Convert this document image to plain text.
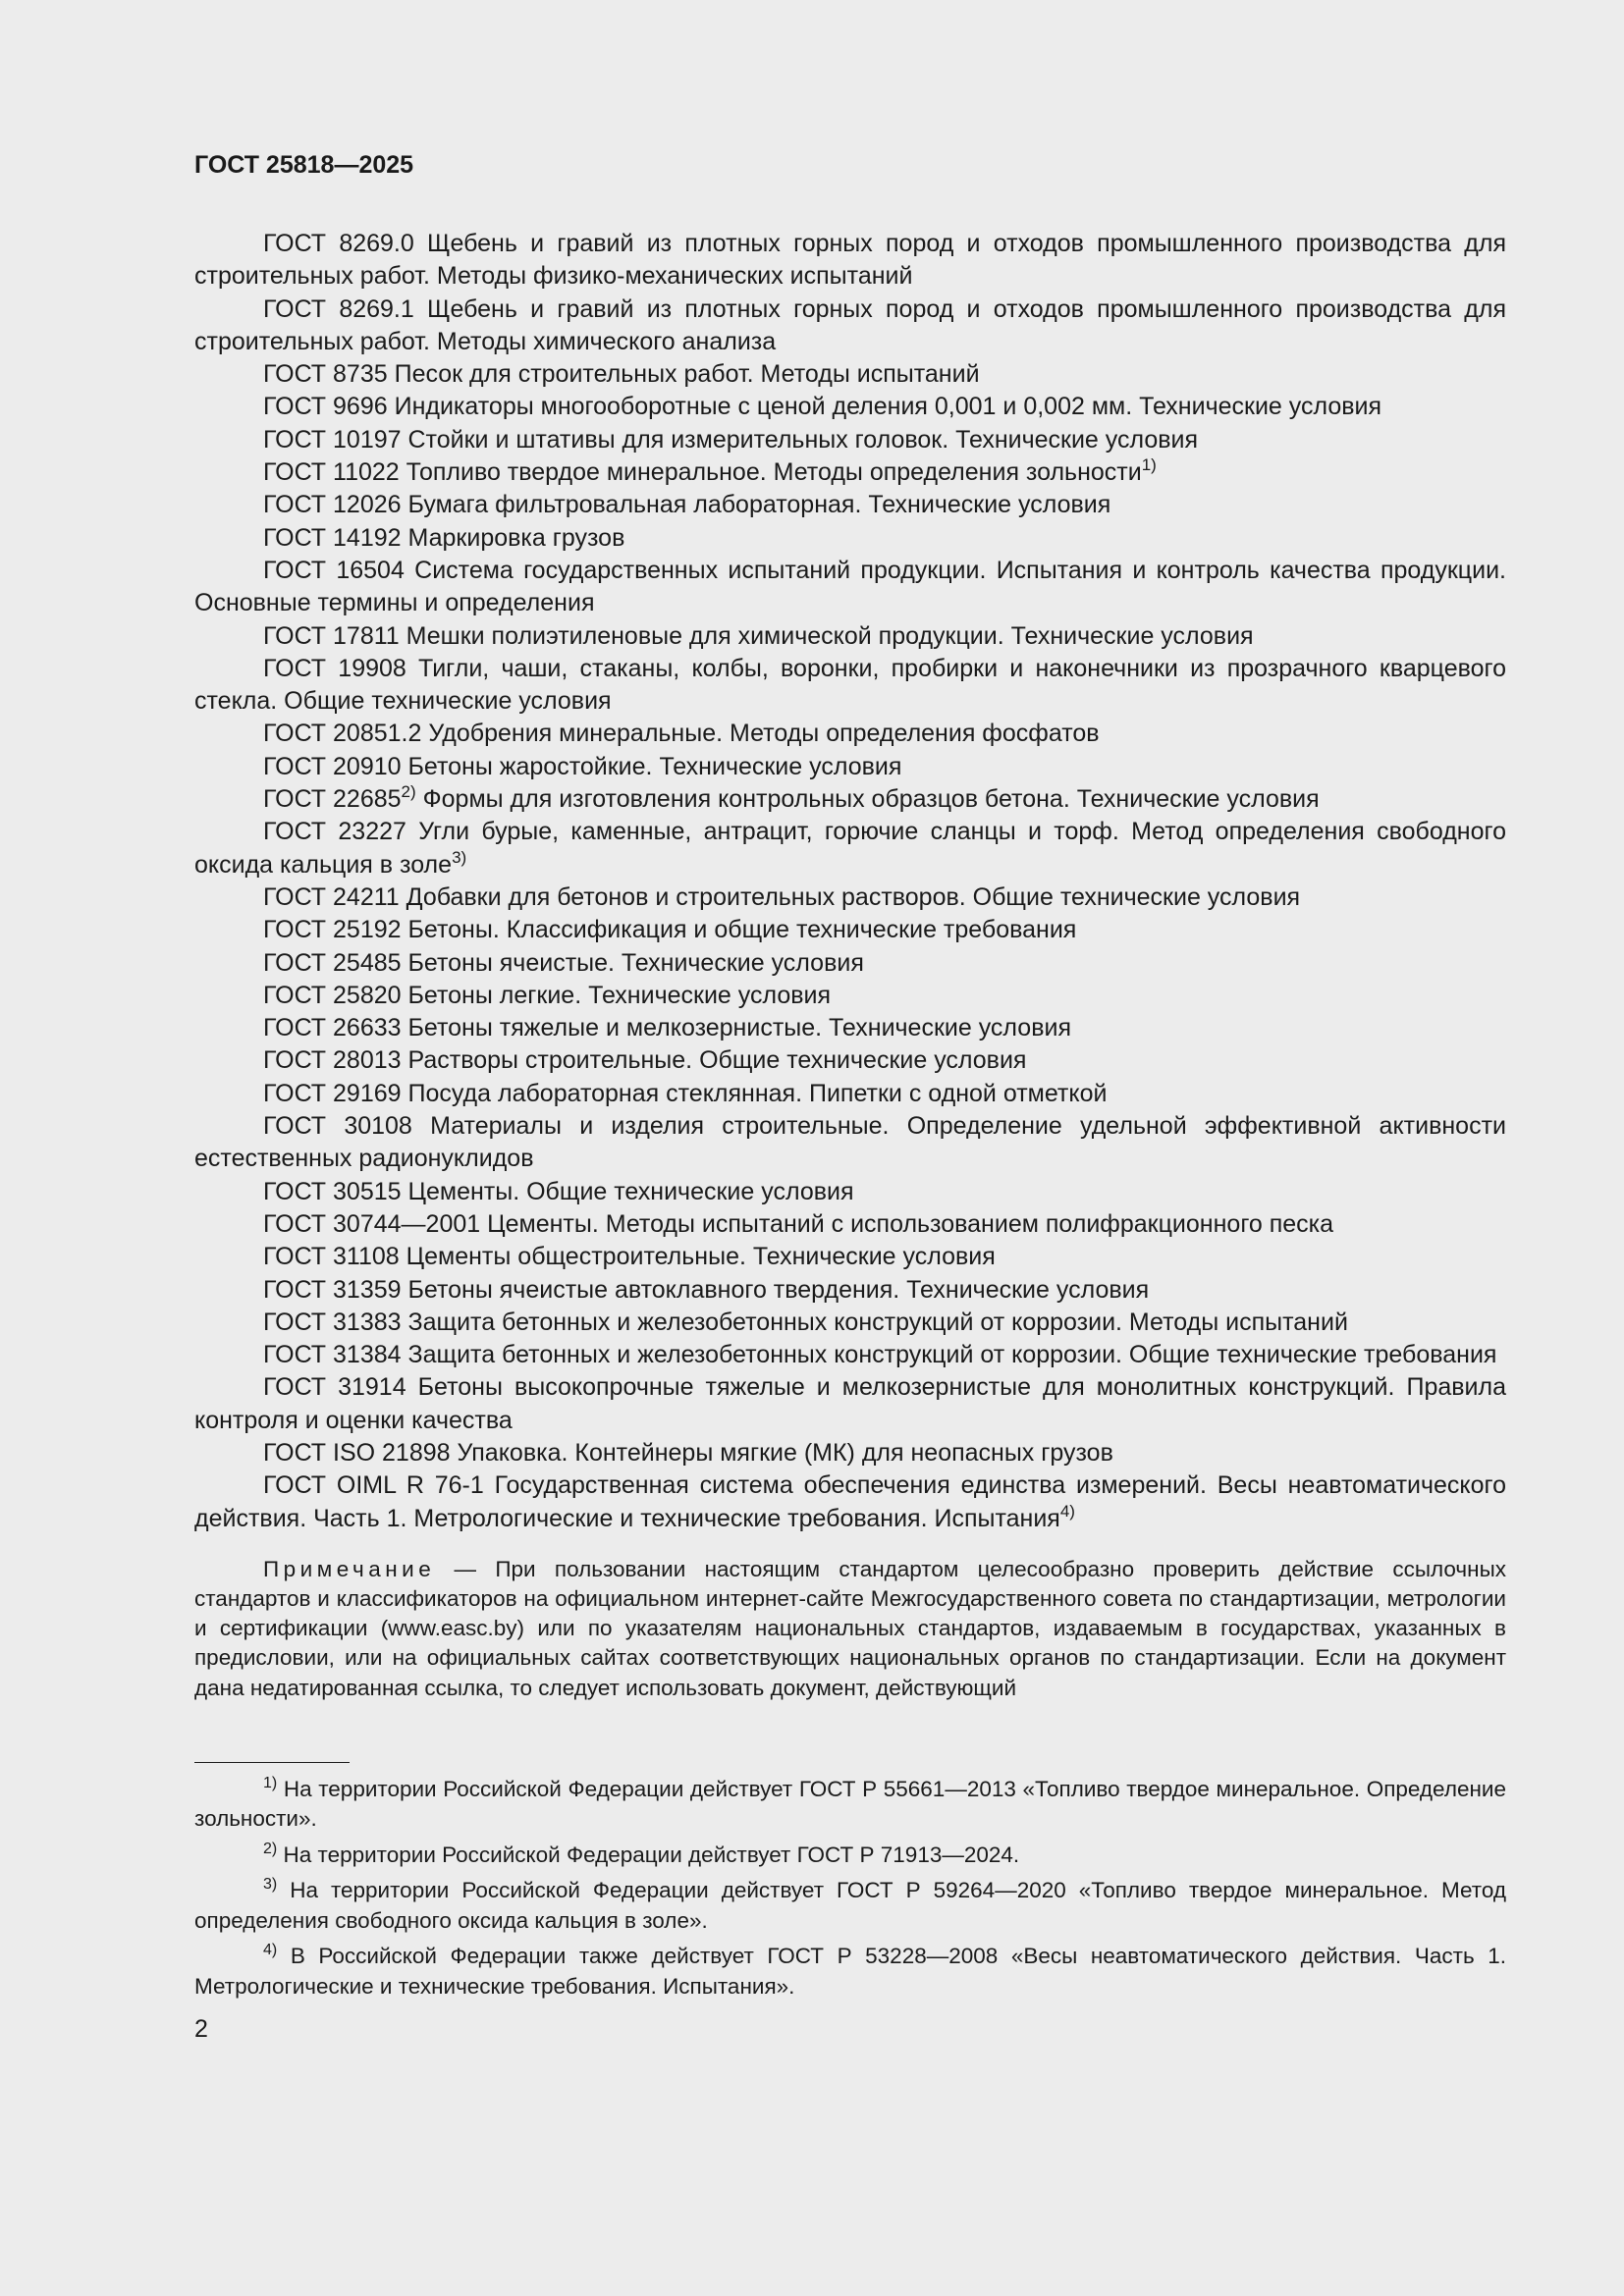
ГОСТ 25818—2025

ГОСТ 8269.0 Щебень и гравий из плотных горных пород и отходов промышленного производства для строительных работ. Методы физико-механических испытаний

ГОСТ 8269.1 Щебень и гравий из плотных горных пород и отходов промышленного производства для строительных работ. Методы химического анализа

ГОСТ 8735 Песок для строительных работ. Методы испытаний

ГОСТ 9696 Индикаторы многооборотные с ценой деления 0,001 и 0,002 мм. Технические условия

ГОСТ 10197 Стойки и штативы для измерительных головок. Технические условия

ГОСТ 11022 Топливо твердое минеральное. Методы определения зольности$^{1)}$

ГОСТ 12026 Бумага фильтровальная лабораторная. Технические условия

ГОСТ 14192 Маркировка грузов

ГОСТ 16504 Система государственных испытаний продукции. Испытания и контроль качества продукции. Основные термины и определения

ГОСТ 17811 Мешки полиэтиленовые для химической продукции. Технические условия

ГОСТ 19908 Тигли, чаши, стаканы, колбы, воронки, пробирки и наконечники из прозрачного кварцевого стекла. Общие технические условия

ГОСТ 20851.2 Удобрения минеральные. Методы определения фосфатов

ГОСТ 20910 Бетоны жаростойкие. Технические условия

ГОСТ 22685$^{2)}$ Формы для изготовления контрольных образцов бетона. Технические условия

ГОСТ 23227 Угли бурые, каменные, антрацит, горючие сланцы и торф. Метод определения свободного оксида кальция в золе$^{3)}$

ГОСТ 24211 Добавки для бетонов и строительных растворов. Общие технические условия

ГОСТ 25192 Бетоны. Классификация и общие технические требования

ГОСТ 25485 Бетоны ячеистые. Технические условия

ГОСТ 25820 Бетоны легкие. Технические условия

ГОСТ 26633 Бетоны тяжелые и мелкозернистые. Технические условия

ГОСТ 28013 Растворы строительные. Общие технические условия

ГОСТ 29169 Посуда лабораторная стеклянная. Пипетки с одной отметкой

ГОСТ 30108 Материалы и изделия строительные. Определение удельной эффективной активности естественных радионуклидов

ГОСТ 30515 Цементы. Общие технические условия

ГОСТ 30744—2001 Цементы. Методы испытаний с использованием полифракционного песка

ГОСТ 31108 Цементы общестроительные. Технические условия

ГОСТ 31359 Бетоны ячеистые автоклавного твердения. Технические условия

ГОСТ 31383 Защита бетонных и железобетонных конструкций от коррозии. Методы испытаний

ГОСТ 31384 Защита бетонных и железобетонных конструкций от коррозии. Общие технические требования

ГОСТ 31914 Бетоны высокопрочные тяжелые и мелкозернистые для монолитных конструкций. Правила контроля и оценки качества

ГОСТ ISO 21898 Упаковка. Контейнеры мягкие (МК) для неопасных грузов

ГОСТ OIML R 76-1 Государственная система обеспечения единства измерений. Весы неавтоматического действия. Часть 1. Метрологические и технические требования. Испытания$^{4)}$

Примечание — При пользовании настоящим стандартом целесообразно проверить действие ссылочных стандартов и классификаторов на официальном интернет-сайте Межгосударственного совета по стандартизации, метрологии и сертификации (www.easc.by) или по указателям национальных стандартов, издаваемым в государствах, указанных в предисловии, или на официальных сайтах соответствующих национальных органов по стандартизации. Если на документ дана недатированная ссылка, то следует использовать документ, действующий

$^{1)}$ На территории Российской Федерации действует ГОСТ Р 55661—2013 «Топливо твердое минеральное. Определение зольности».

$^{2)}$ На территории Российской Федерации действует ГОСТ Р 71913—2024.

$^{3)}$ На территории Российской Федерации действует ГОСТ Р 59264—2020 «Топливо твердое минеральное. Метод определения свободного оксида кальция в золе».

$^{4)}$ В Российской Федерации также действует ГОСТ Р 53228—2008 «Весы неавтоматического действия. Часть 1. Метрологические и технические требования. Испытания».

2
